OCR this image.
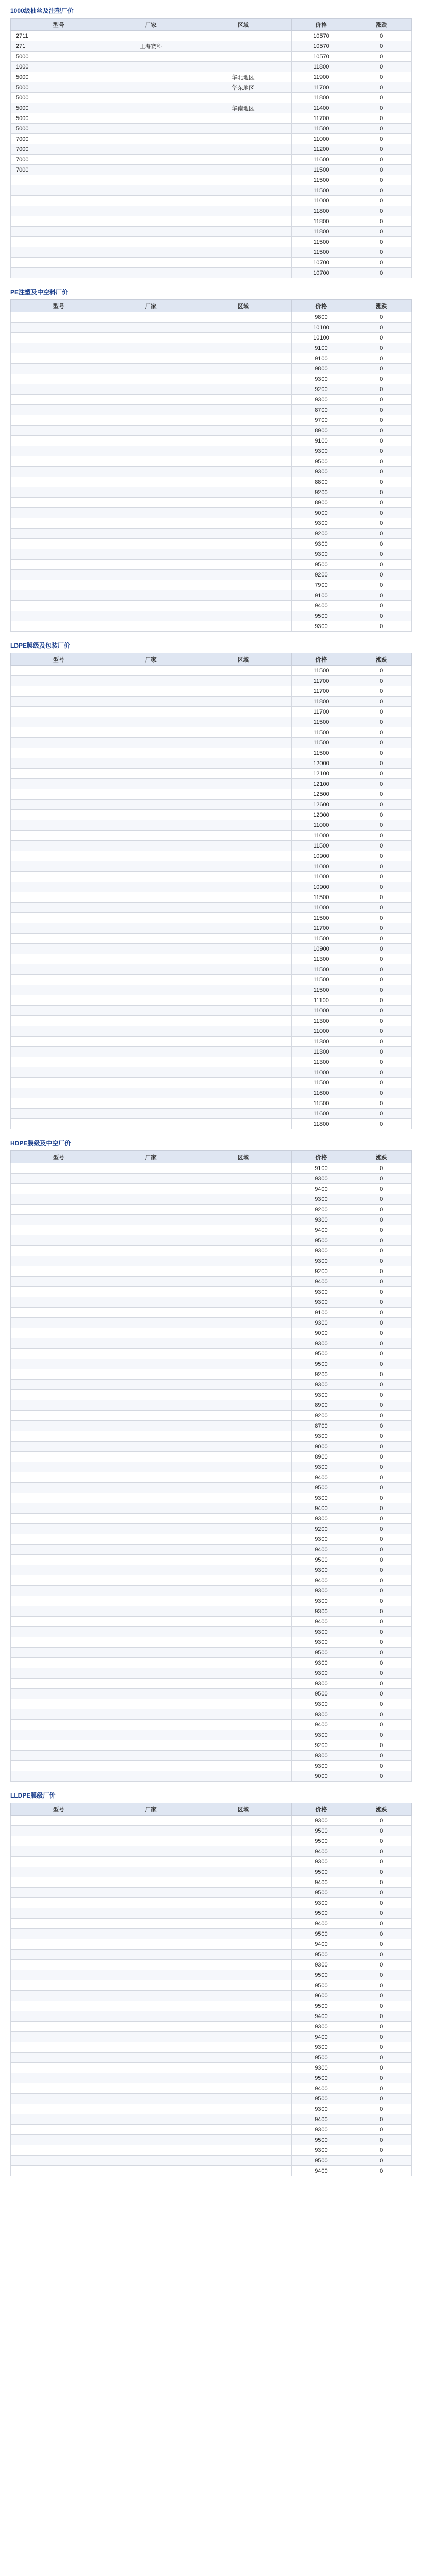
1000级抽丝及注塑厂价
型号	厂家	区域	价格	涨跌
2711			10570	0
271	上海赛科		10570	0
5000			10570	0
1000			11800	0
5000		华北地区	11900	0
5000		华东地区	11700	0
5000			11800	0
5000		华南地区	11400	0
5000			11700	0
5000			11500	0
7000			11000	0
7000			11200	0
7000			11600	0
7000			11500	0
			11500	0
			11500	0
			11000	0
			11800	0
			11800	0
			11800	0
			11500	0
			11500	0
			10700	0
			10700	0
PE注塑及中空料厂价
型号	厂家	区域	价格	涨跌
			9800	0
			10100	0
			10100	0
			9100	0
			9100	0
			9800	0
			9300	0
			9200	0
			9300	0
			8700	0
			9700	0
			8900	0
			9100	0
			9300	0
			9500	0
			9300	0
			8800	0
			9200	0
			8900	0
			9000	0
			9300	0
			9200	0
			9300	0
			9300	0
			9500	0
			9200	0
			7900	0
			9100	0
			9400	0
			9500	0
			9300	0
LDPE膜级及包装厂价
型号	厂家	区域	价格	涨跌
			11500	0
			11700	0
			11700	0
			11800	0
			11700	0
			11500	0
			11500	0
			11500	0
			11500	0
			12000	0
			12100	0
			12100	0
			12500	0
			12600	0
			12000	0
			11000	0
			11000	0
			11500	0
			10900	0
			11000	0
			11000	0
			10900	0
			11500	0
			11000	0
			11500	0
			11700	0
			11500	0
			10900	0
			11300	0
			11500	0
			11500	0
			11500	0
			11100	0
			11000	0
			11300	0
			11000	0
			11300	0
			11300	0
			11300	0
			11000	0
			11500	0
			11600	0
			11500	0
			11600	0
			11800	0
HDPE膜级及中空厂价
型号	厂家	区域	价格	涨跌
			9100	0
			9300	0
			9400	0
			9300	0
			9200	0
			9300	0
			9400	0
			9500	0
			9300	0
			9300	0
			9200	0
			9400	0
			9300	0
			9300	0
			9100	0
			9300	0
			9000	0
			9300	0
			9500	0
			9500	0
			9200	0
			9300	0
			9300	0
			8900	0
			9200	0
			8700	0
			9300	0
			9000	0
			8900	0
			9300	0
			9400	0
			9500	0
			9300	0
			9400	0
			9300	0
			9200	0
			9300	0
			9400	0
			9500	0
			9300	0
			9400	0
			9300	0
			9300	0
			9300	0
			9400	0
			9300	0
			9300	0
			9500	0
			9300	0
			9300	0
			9300	0
			9500	0
			9300	0
			9300	0
			9400	0
			9300	0
			9200	0
			9300	0
			9300	0
			9000	0
LLDPE膜级厂价
型号	厂家	区域	价格	涨跌
			9300	0
			9500	0
			9500	0
			9400	0
			9300	0
			9500	0
			9400	0
			9500	0
			9300	0
			9500	0
			9400	0
			9500	0
			9400	0
			9500	0
			9300	0
			9500	0
			9500	0
			9600	0
			9500	0
			9400	0
			9300	0
			9400	0
			9300	0
			9500	0
			9300	0
			9500	0
			9400	0
			9500	0
			9300	0
			9400	0
			9300	0
			9500	0
			9300	0
			9500	0
			9400	0
